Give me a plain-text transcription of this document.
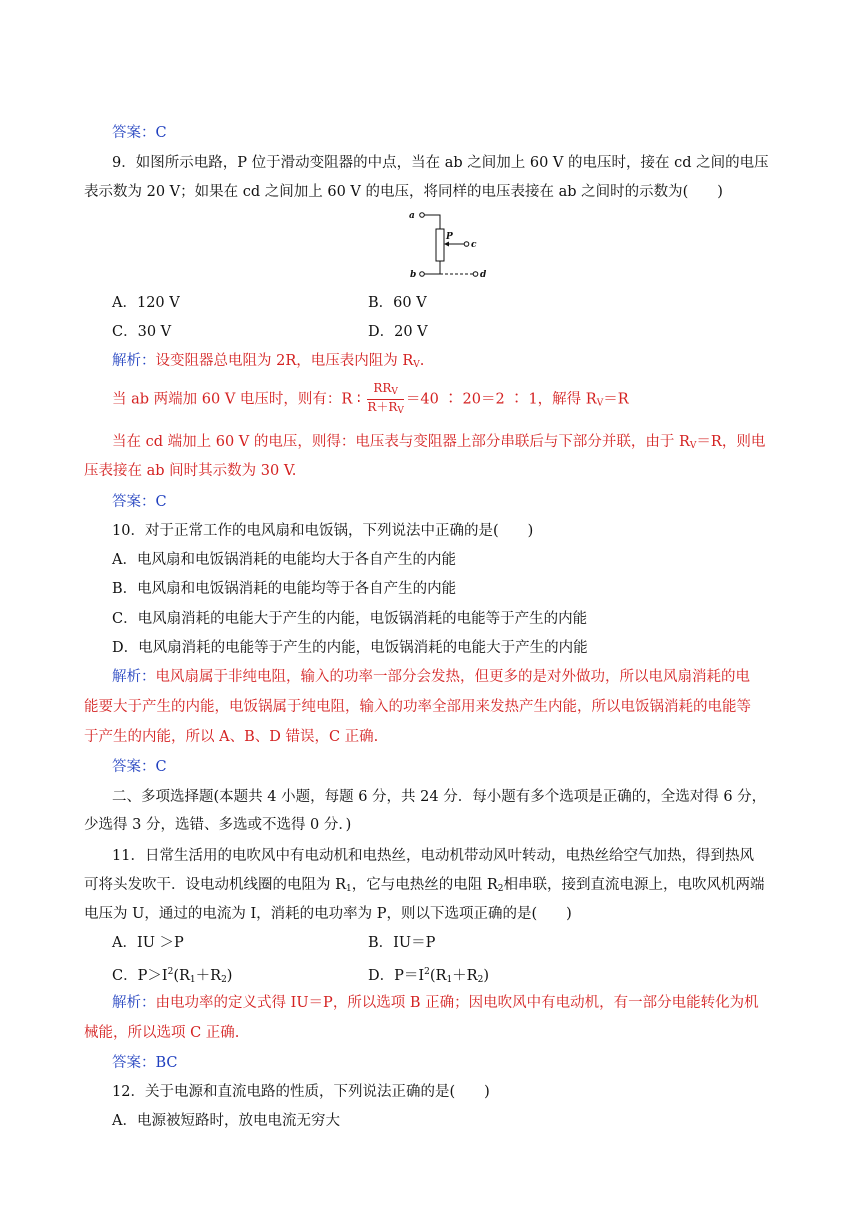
答案：C
9．如图所示电路，P 位于滑动变阻器的中点，当在 ab 之间加上 60 V 的电压时，接在 cd 之间的电压
表示数为 20 V；如果在 cd 之间加上 60 V 的电压，将同样的电压表接在 ab 之间时的示数为(　　)
a
b	d
c
P
A．120 V	B．60 V
C．30 V	D．20 V
解析：设变阻器总电阻为 2R，电压表内阻为 $R_V$.
当 ab 两端加 60 V 电压时，则有：R ∶ $\frac{RR_V}{R+R_V} =40$ ∶ 20＝2 ∶ 1，解得 $R_V=R$
当在 cd 端加上 60 V 的电压，则得：电压表与变阻器上部分串联后与下部分并联，由于 $R_V=R$，则电
压表接在 ab 间时其示数为 30 V.
答案：C
10．对于正常工作的电风扇和电饭锅，下列说法中正确的是(　　)
A．电风扇和电饭锅消耗的电能均大于各自产生的内能
B．电风扇和电饭锅消耗的电能均等于各自产生的内能
C．电风扇消耗的电能大于产生的内能，电饭锅消耗的电能等于产生的内能
D．电风扇消耗的电能等于产生的内能，电饭锅消耗的电能大于产生的内能
解析：电风扇属于非纯电阻，输入的功率一部分会发热，但更多的是对外做功，所以电风扇消耗的电
能要大于产生的内能，电饭锅属于纯电阻，输入的功率全部用来发热产生内能，所以电饭锅消耗的电能等
于产生的内能，所以 A、B、D 错误，C 正确.
答案：C
二、多项选择题(本题共 4 小题，每题 6 分，共 24 分．每小题有多个选项是正确的，全选对得 6 分，
少选得 3 分，选错、多选或不选得 0 分．)
11．日常生活用的电吹风中有电动机和电热丝，电动机带动风叶转动，电热丝给空气加热，得到热风
可将头发吹干．设电动机线圈的电阻为 $R_1$，它与电热丝的电阻 $R_2$相串联，接到直流电源上，电吹风机两端
电压为 U，通过的电流为 I，消耗的电功率为 P，则以下选项正确的是(　　)
A．IU ＞P	B．IU＝P
C．$P>I^2(R_1+R_2)$	D．$P=I^2(R_1+R_2)$
解析：由电功率的定义式得 IU＝P，所以选项 B 正确；因电吹风中有电动机，有一部分电能转化为机
械能，所以选项 C 正确.
答案：BC
12．关于电源和直流电路的性质，下列说法正确的是(　　)
A．电源被短路时，放电电流无穷大
